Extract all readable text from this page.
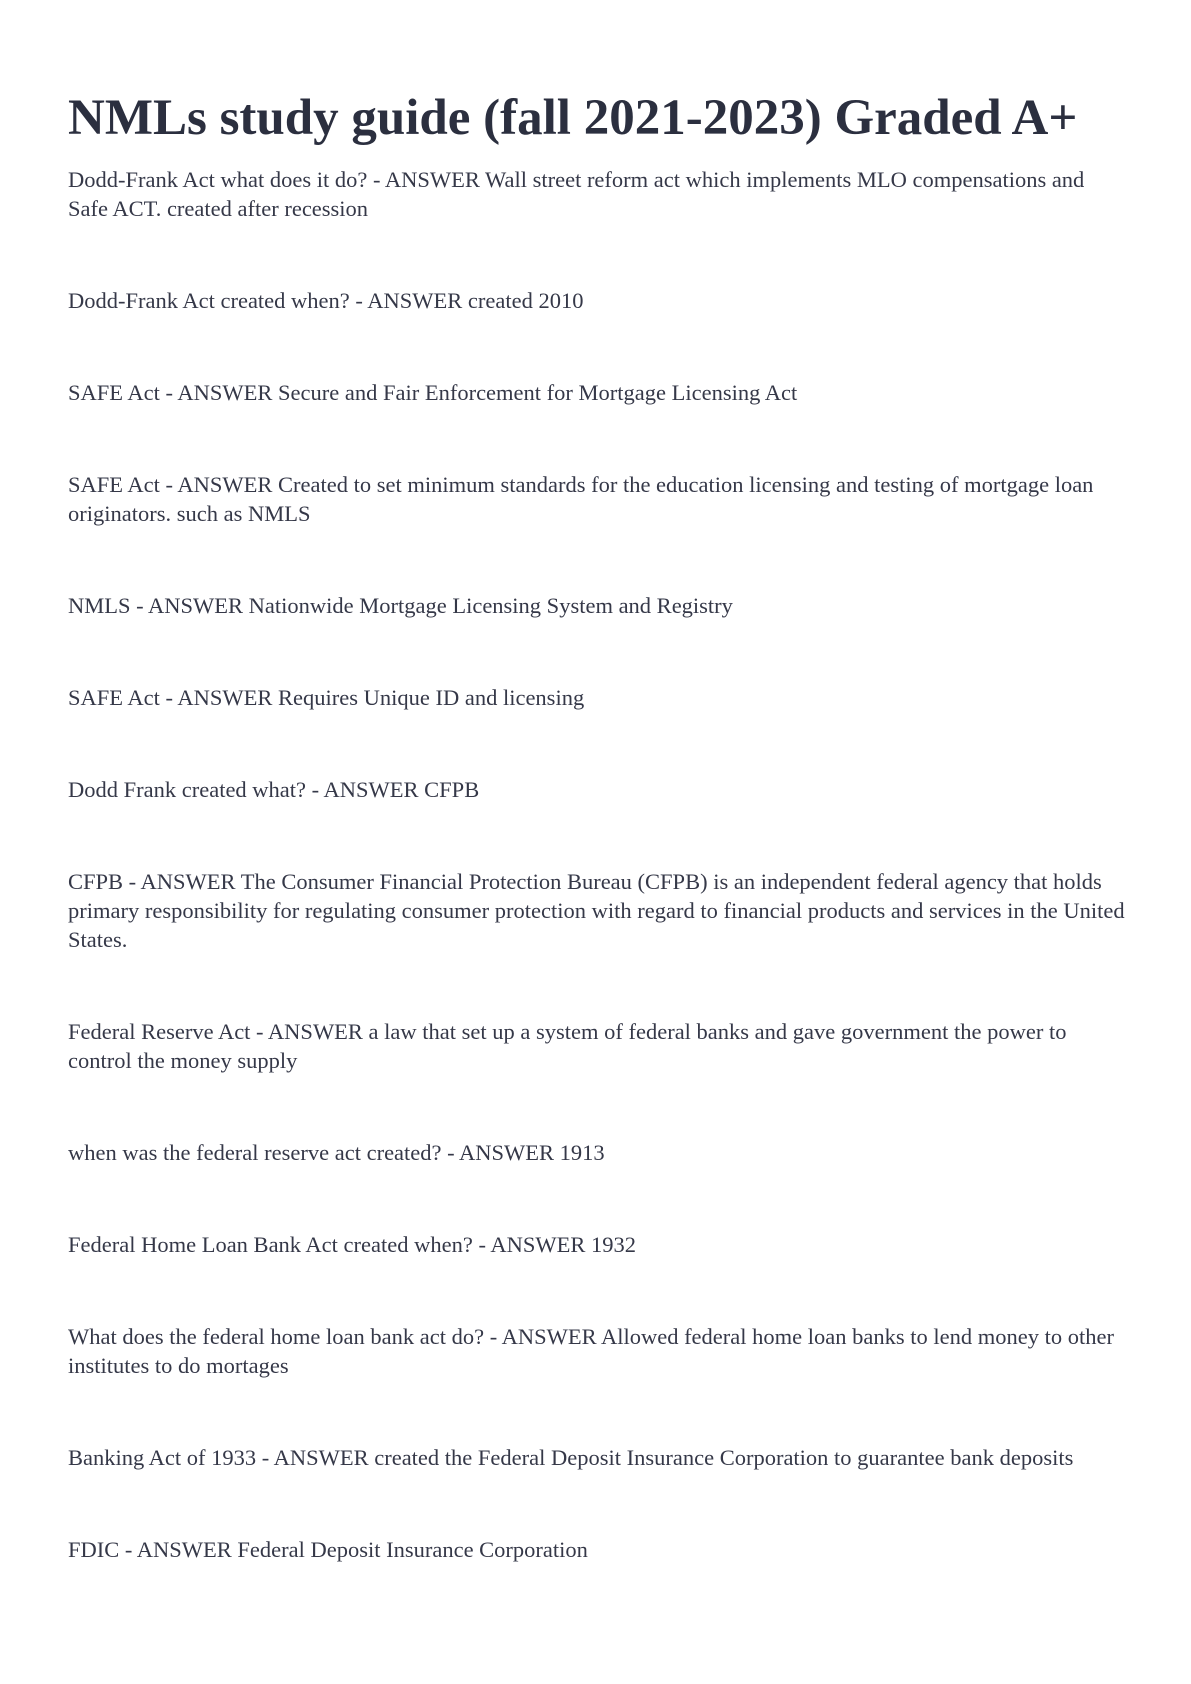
NMLs study guide (fall 2021-2023) Graded A+
Dodd-Frank Act what does it do? - ANSWER Wall street reform act which implements MLO compensations and Safe ACT. created after recession
Dodd-Frank Act created when? - ANSWER created 2010
SAFE Act - ANSWER Secure and Fair Enforcement for Mortgage Licensing Act
SAFE Act - ANSWER Created to set minimum standards for the education licensing and testing of mortgage loan originators. such as NMLS
NMLS - ANSWER Nationwide Mortgage Licensing System and Registry
SAFE Act - ANSWER Requires Unique ID and licensing
Dodd Frank created what? - ANSWER CFPB
CFPB - ANSWER The Consumer Financial Protection Bureau (CFPB) is an independent federal agency that holds primary responsibility for regulating consumer protection with regard to financial products and services in the United States.
Federal Reserve Act - ANSWER a law that set up a system of federal banks and gave government the power to control the money supply
when was the federal reserve act created? - ANSWER 1913
Federal Home Loan Bank Act created when? - ANSWER 1932
What does the federal home loan bank act do? - ANSWER Allowed federal home loan banks to lend money to other institutes to do mortages
Banking Act of 1933 - ANSWER created the Federal Deposit Insurance Corporation to guarantee bank deposits
FDIC - ANSWER Federal Deposit Insurance Corporation
